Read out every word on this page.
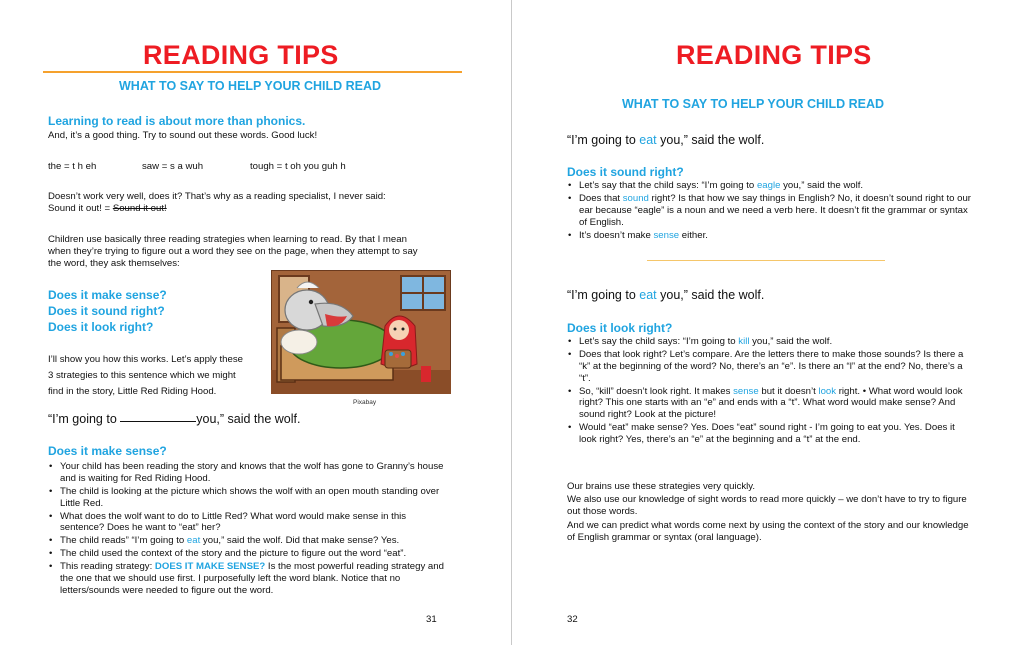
READING TIPS
WHAT TO SAY TO HELP YOUR CHILD READ
Learning to read is about more than phonics.
And, it’s a good thing. Try to sound out these words. Good luck!
the = t h eh	saw = s a wuh	tough = t oh you guh h
Doesn’t work very well, does it? That’s why as a reading specialist, I never said:
Sound it out! = Sound it out!
Children use basically three reading strategies when learning to read. By that I mean
when they’re trying to figure out a word they see on the page, when they attempt to say
the word, they ask themselves:
Does it make sense?
Does it sound right?
Does it look right?
I’ll show you how this works. Let’s apply these
3 strategies to this sentence which we might
find in the story, Little Red Riding Hood.
Pixabay
“I’m going to	you,” said the wolf.
Does it make sense?
• Your child has been reading the story and knows that the wolf has gone to Granny’s house and is waiting for Red Riding Hood.
• The child is looking at the picture which shows the wolf with an open mouth standing over Little Red.
• What does the wolf want to do to Little Red? What word would make sense in this sentence? Does he want to “eat” her?
• The child reads” “I’m going to eat you,” said the wolf. Did that make sense? Yes.
• The child used the context of the story and the picture to figure out the word “eat”.
• This reading strategy: DOES IT MAKE SENSE? Is the most powerful reading strategy and the one that we should use first. I purposefully left the word blank. Notice that no letters/sounds were needed to figure out the word.
31
READING TIPS
WHAT TO SAY TO HELP YOUR CHILD READ
“I’m going to eat you,” said the wolf.
Does it sound right?
• Let’s say that the child says: “I’m going to eagle you,” said the wolf.
• Does that sound right? Is that how we say things in English? No, it doesn’t sound right to our ear because “eagle” is a noun and we need a verb here. It doesn’t fit the grammar or syntax of English.
• It’s doesn’t make sense either.
“I’m going to eat you,” said the wolf.
Does it look right?
• Let’s say the child says: “I’m going to kill you,” said the wolf.
• Does that look right? Let’s compare. Are the letters there to make those sounds? Is there a “k” at the beginning of the word? No, there’s an “e”. Is there an “l” at the end? No, there’s a “t”.
• So, “kill” doesn’t look right. It makes sense but it doesn’t look right. • What word would look right? This one starts with an “e” and ends with a “t”. What word would make sense? And sound right? Look at the picture!
• Would “eat” make sense? Yes. Does “eat” sound right - I’m going to eat you. Yes. Does it look right? Yes, there’s an “e” at the beginning and a “t” at the end.
Our brains use these strategies very quickly.
We also use our knowledge of sight words to read more quickly – we don’t have to try to figure out those words.
And we can predict what words come next by using the context of the story and our knowledge of English grammar or syntax (oral language).
32
